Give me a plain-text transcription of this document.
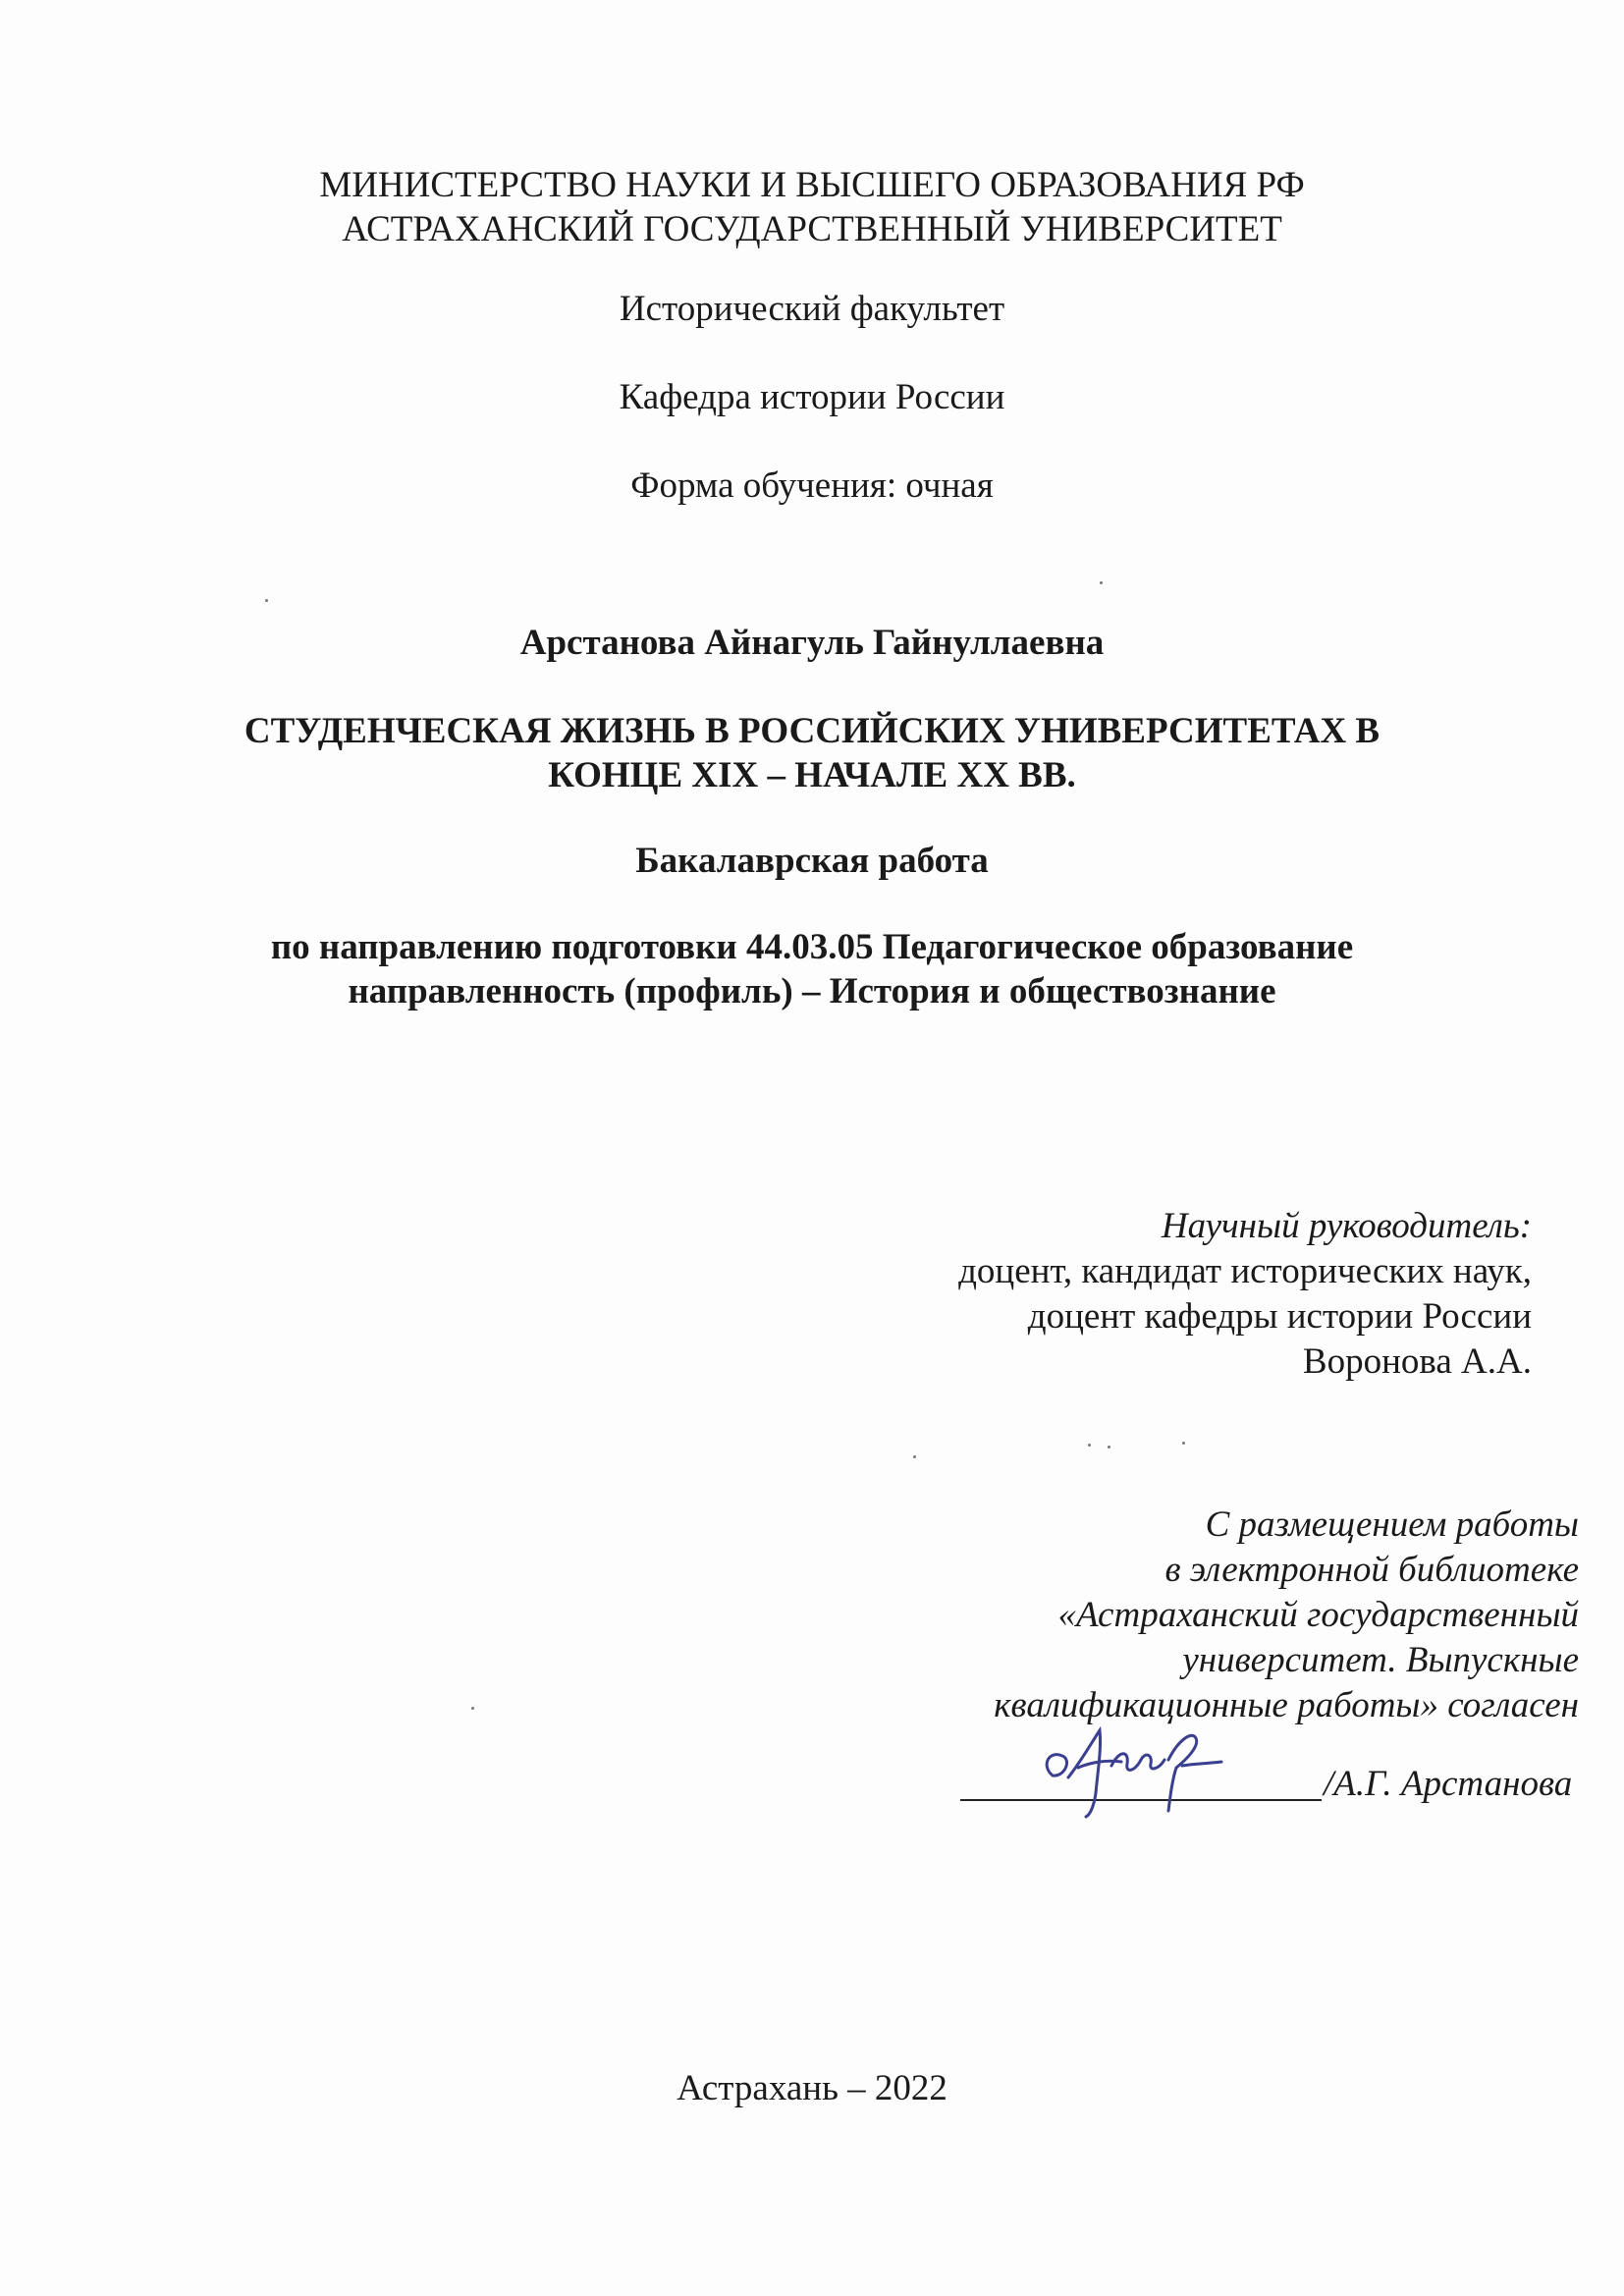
МИНИСТЕРСТВО НАУКИ И ВЫСШЕГО ОБРАЗОВАНИЯ РФ
АСТРАХАНСКИЙ ГОСУДАРСТВЕННЫЙ УНИВЕРСИТЕТ
Исторический факультет
Кафедра истории России
Форма обучения: очная
Арстанова Айнагуль Гайнуллаевна
СТУДЕНЧЕСКАЯ ЖИЗНЬ В РОССИЙСКИХ УНИВЕРСИТЕТАХ В
КОНЦЕ XIX – НАЧАЛЕ XX ВВ.
Бакалаврская работа
по направлению подготовки 44.03.05 Педагогическое образование
направленность (профиль) – История и обществознание
Научный руководитель:
доцент, кандидат исторических наук,
доцент кафедры истории России
Воронова А.А.
С размещением работы
в электронной библиотеке
«Астраханский государственный
университет. Выпускные
квалификационные работы» согласен
/А.Г. Арстанова
Астрахань – 2022
